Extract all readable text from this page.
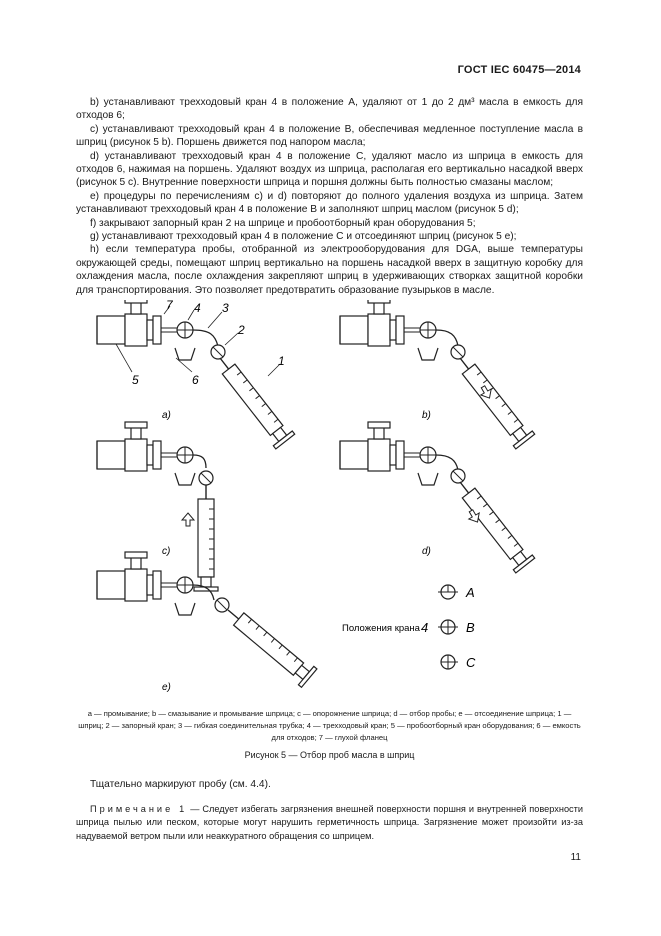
ГОСТ IEC 60475—2014

b) устанавливают трехходовый кран 4 в положение А, удаляют от 1 до 2 дм³ масла в емкость для отходов 6;

c) устанавливают трехходовый кран 4 в положение В, обеспечивая медленное поступление масла в шприц (рисунок 5 b). Поршень движется под напором масла;

d) устанавливают трехходовый кран 4 в положение С, удаляют масло из шприца в емкость для отходов 6, нажимая на поршень. Удаляют воздух из шприца, располагая его вертикально насадкой вверх (рисунок 5 c). Внутренние поверхности шприца и поршня должны быть полностью смазаны маслом;

e) процедуры по перечислениям c) и d) повторяют до полного удаления воздуха из шприца. Затем устанавливают трехходовый кран 4 в положение В и заполняют шприц маслом (рисунок 5 d);

f) закрывают запорный кран 2 на шприце и пробоотборный кран оборудования 5;

g) устанавливают трехходовый кран 4 в положение С и отсоединяют шприц (рисунок 5 e);

h) если температура пробы, отобранной из электрооборудования для DGA, выше температуры окружающей среды, помещают шприц вертикально на поршень насадкой вверх в защитную коробку для охлаждения масла, после охлаждения закрепляют шприц в удерживающих створках защитной коробки для транспортирования. Это позволяет предотвратить образование пузырьков в масле.

7 4 3
2
1
5	6
a)	b)
c)	d)
e)
A
B
C
Положения крана 4
a — промывание; b — смазывание и промывание шприца; c — опорожнение шприца; d — отбор пробы; e — отсоединение шприца; 1 — шприц; 2 — запорный кран; 3 — гибкая соединительная трубка; 4 — трехходовый кран; 5 — пробоотборный кран оборудования; 6 — емкость для отходов; 7 — глухой фланец
Рисунок 5 — Отбор проб масла в шприц
Тщательно маркируют пробу (см. 4.4).

Примечание 1 — Следует избегать загрязнения внешней поверхности поршня и внутренней поверхности шприца пылью или песком, которые могут нарушить герметичность шприца. Загрязнение может произойти из-за надуваемой ветром пыли или неаккуратного обращения со шприцем.

11
